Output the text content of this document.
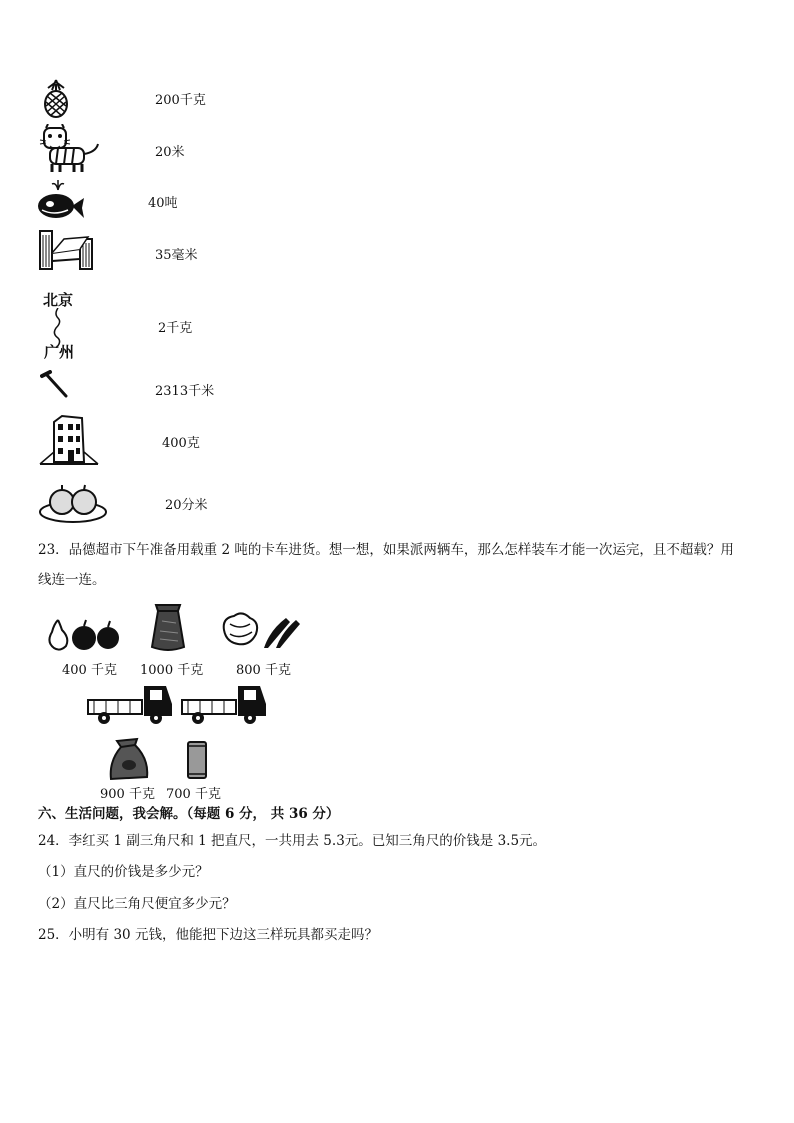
200千克
20米
40吨
35毫米
北京
广州
2千克
2313千米
400克
20分米
23．品德超市下午准备用载重 2 吨的卡车进货。想一想，如果派两辆车，那么怎样装车才能一次运完，且不超载？用
线连一连。
400 千克 1000 千克	800 千克
900 千克 700 千克
六、生活问题，我会解。（每题 6 分， 共 36 分）
24．李红买 1 副三角尺和 1 把直尺，一共用去 5.3元。已知三角尺的价钱是 3.5元。
（1）直尺的价钱是多少元？
（2）直尺比三角尺便宜多少元？
25．小明有 30 元钱，他能把下边这三样玩具都买走吗？
